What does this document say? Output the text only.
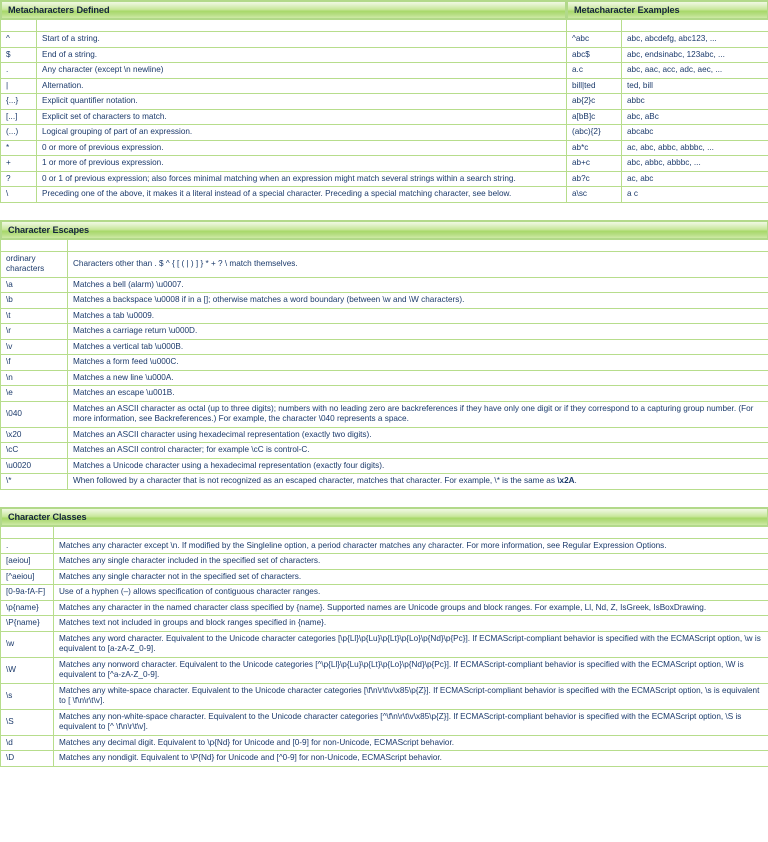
Metacharacters Defined		Metacharacter Examples	

^	Start of a string.	^abc	abc, abcdefg, abc123, ...
$	End of a string.	abc$	abc, endsinabc, 123abc, ...
.	Any character (except \n newline)	a.c	abc, aac, acc, adc, aec, ...
|	Alternation.	bill|ted	ted, bill
{...}	Explicit quantifier notation.	ab{2}c	abbc
[...]	Explicit set of characters to match.	a[bB]c	abc, aBc
(...)	Logical grouping of part of an expression.	(abc){2}	abcabc
*	0 or more of previous expression.	ab*c	ac, abc, abbc, abbbc, ...
+	1 or more of previous expression.	ab+c	abc, abbc, abbbc, ...
?	0 or 1 of previous expression; also forces minimal matching when an expression might match several strings within a search string.	ab?c	ac, abc
\	Preceding one of the above, it makes it a literal instead of a special character. Preceding a special matching character, see below.	a\sc	a c
Character Escapes	

ordinary characters	Characters other than . $ ^ { [ ( | ) ] } * + ? \ match themselves.
\a	Matches a bell (alarm) \u0007.
\b	Matches a backspace \u0008 if in a []; otherwise matches a word boundary (between \w and \W characters).
\t	Matches a tab \u0009.
\r	Matches a carriage return \u000D.
\v	Matches a vertical tab \u000B.
\f	Matches a form feed \u000C.
\n	Matches a new line \u000A.
\e	Matches an escape \u001B.
\040	Matches an ASCII character as octal (up to three digits); numbers with no leading zero are backreferences if they have only one digit or if they correspond to a capturing group number. (For more information, see Backreferences.) For example, the character \040 represents a space.
\x20	Matches an ASCII character using hexadecimal representation (exactly two digits).
\cC	Matches an ASCII control character; for example \cC is control-C.
\u0020	Matches a Unicode character using a hexadecimal representation (exactly four digits).
\*	When followed by a character that is not recognized as an escaped character, matches that character. For example, \* is the same as \x2A.
Character Classes	

.	Matches any character except \n. If modified by the Singleline option, a period character matches any character. For more information, see Regular Expression Options.
[aeiou]	Matches any single character included in the specified set of characters.
[^aeiou]	Matches any single character not in the specified set of characters.
[0-9a-fA-F]	Use of a hyphen (–) allows specification of contiguous character ranges.
\p{name}	Matches any character in the named character class specified by {name}. Supported names are Unicode groups and block ranges. For example, Ll, Nd, Z, IsGreek, IsBoxDrawing.
\P{name}	Matches text not included in groups and block ranges specified in {name}.
\w	Matches any word character. Equivalent to the Unicode character categories [\p{Ll}\p{Lu}\p{Lt}\p{Lo}\p{Nd}\p{Pc}]. If ECMAScript-compliant behavior is specified with the ECMAScript option, \w is equivalent to [a-zA-Z_0-9].
\W	Matches any nonword character. Equivalent to the Unicode categories [^\p{Ll}\p{Lu}\p{Lt}\p{Lo}\p{Nd}\p{Pc}]. If ECMAScript-compliant behavior is specified with the ECMAScript option, \W is equivalent to [^a-zA-Z_0-9].
\s	Matches any white-space character. Equivalent to the Unicode character categories [\f\n\r\t\v\x85\p{Z}]. If ECMAScript-compliant behavior is specified with the ECMAScript option, \s is equivalent to [ \f\n\r\t\v].
\S	Matches any non-white-space character. Equivalent to the Unicode character categories [^\f\n\r\t\v\x85\p{Z}]. If ECMAScript-compliant behavior is specified with the ECMAScript option, \S is equivalent to [^ \f\n\r\t\v].
\d	Matches any decimal digit. Equivalent to \p{Nd} for Unicode and [0-9] for non-Unicode, ECMAScript behavior.
\D	Matches any nondigit. Equivalent to \P{Nd} for Unicode and [^0-9] for non-Unicode, ECMAScript behavior.
